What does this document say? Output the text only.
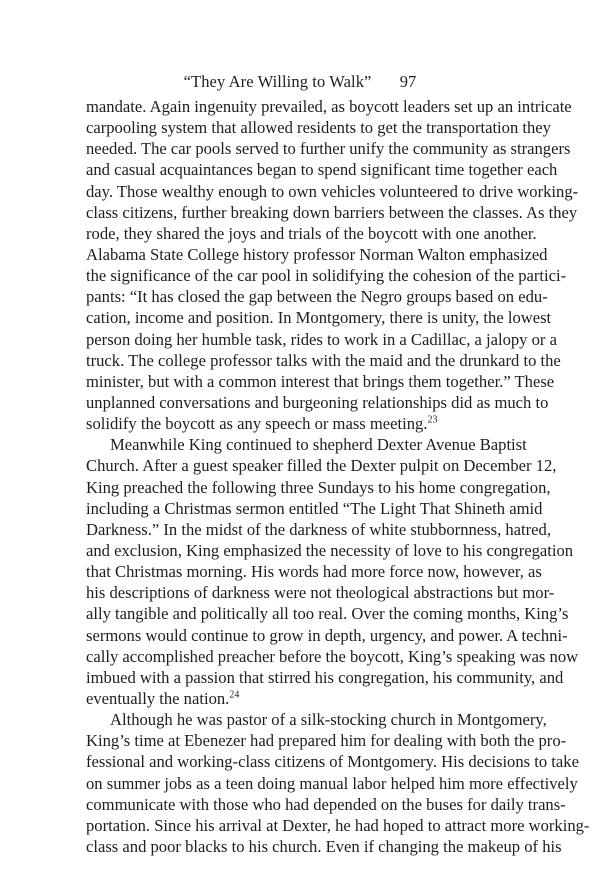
“They Are Willing to Walk” 97

mandate. Again ingenuity prevailed, as boycott leaders set up an intricate
carpooling system that allowed residents to get the transportation they
needed. The car pools served to further unify the community as strangers
and casual acquaintances began to spend significant time together each
day. Those wealthy enough to own vehicles volunteered to drive working-
class citizens, further breaking down barriers between the classes. As they
rode, they shared the joys and trials of the boycott with one another.
Alabama State College history professor Norman Walton emphasized
the significance of the car pool in solidifying the cohesion of the partici-
pants: “It has closed the gap between the Negro groups based on edu-
cation, income and position. In Montgomery, there is unity, the lowest
person doing her humble task, rides to work in a Cadillac, a jalopy or a
truck. The college professor talks with the maid and the drunkard to the
minister, but with a common interest that brings them together.” These
unplanned conversations and burgeoning relationships did as much to
solidify the boycott as any speech or mass meeting.$^{23}$

Meanwhile King continued to shepherd Dexter Avenue Baptist
Church. After a guest speaker filled the Dexter pulpit on December 12,
King preached the following three Sundays to his home congregation,
including a Christmas sermon entitled “The Light That Shineth amid
Darkness.” In the midst of the darkness of white stubbornness, hatred,
and exclusion, King emphasized the necessity of love to his congregation
that Christmas morning. His words had more force now, however, as
his descriptions of darkness were not theological abstractions but mor-
ally tangible and politically all too real. Over the coming months, King’s
sermons would continue to grow in depth, urgency, and power. A techni-
cally accomplished preacher before the boycott, King’s speaking was now
imbued with a passion that stirred his congregation, his community, and
eventually the nation.$^{24}$

Although he was pastor of a silk-stocking church in Montgomery,
King’s time at Ebenezer had prepared him for dealing with both the pro-
fessional and working-class citizens of Montgomery. His decisions to take
on summer jobs as a teen doing manual labor helped him more effectively
communicate with those who had depended on the buses for daily trans-
portation. Since his arrival at Dexter, he had hoped to attract more working-
class and poor blacks to his church. Even if changing the makeup of his
